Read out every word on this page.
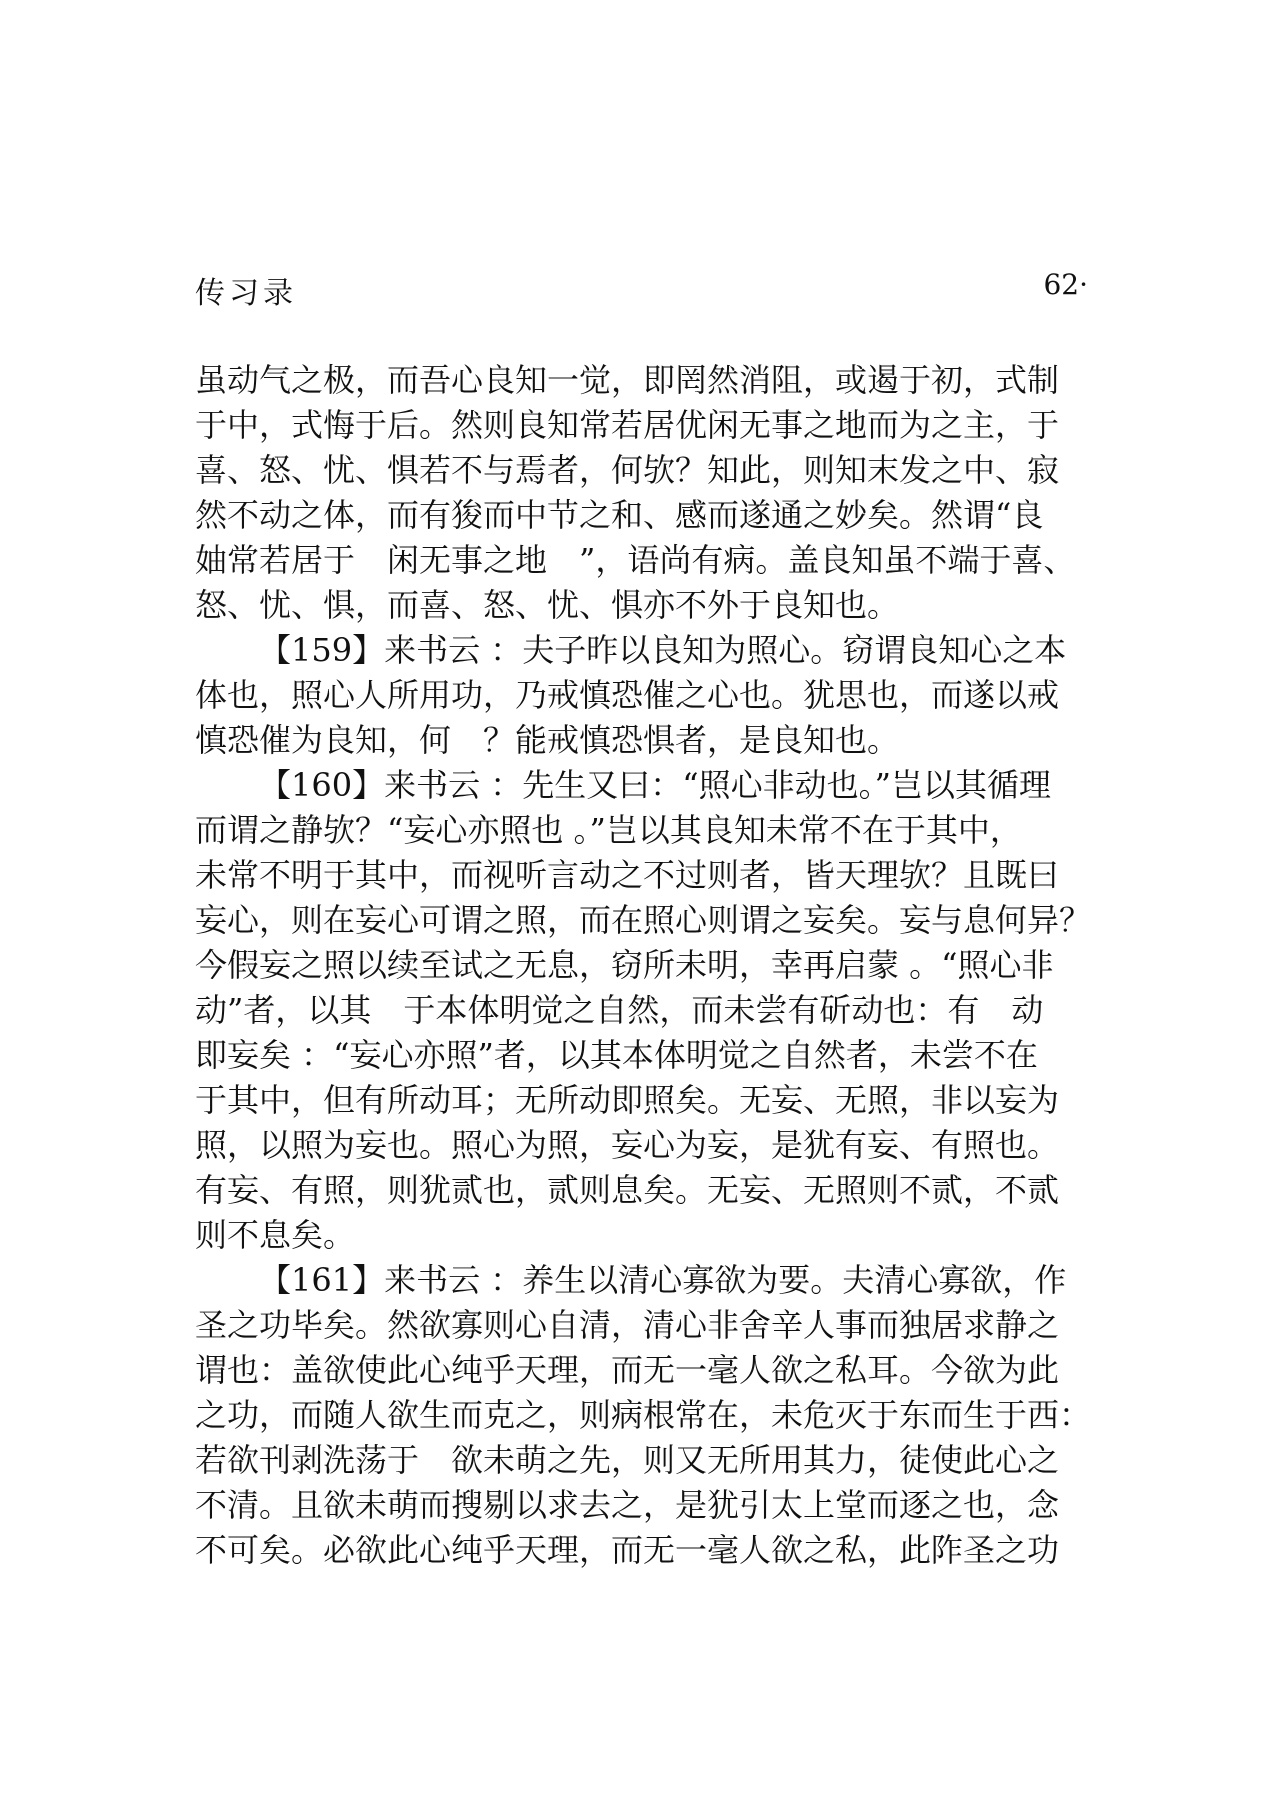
传习录	62·
虽动气之极，而吾心良知一觉，即罔然消阻，或遏于初，式制
于中，式悔于后。然则良知常若居优闲无事之地而为之主，于
喜、怒、忧、惧若不与焉者，何欤？知此，则知末发之中、寂
然不动之体，而有狻而中节之和、感而遂通之妙矣。然谓“良
妯常若居于　闲无事之地　”，语尚有病。盖良知虽不端于喜、
怒、忧、惧，而喜、怒、忧、惧亦不外于良知也。
【159】来书云 ：夫子昨以良知为照心。窃谓良知心之本
体也，照心人所用功，乃戒慎恐催之心也。犹思也，而遂以戒
慎恐催为良知，何　？能戒慎恐惧者，是良知也。
【160】来书云 ：先生又曰：“照心非动也。”岂以其循理
而谓之静欤？“妄心亦照也 。”岂以其良知未常不在于其中，
未常不明于其中，而视听言动之不过则者，皆天理欤？且既曰
妄心，则在妄心可谓之照，而在照心则谓之妄矣。妄与息何异？
今假妄之照以续至试之无息，窃所未明，幸再启蒙 。“照心非
动”者，以其　于本体明觉之自然，而未尝有斫动也：有　动
即妄矣 ：“妄心亦照”者，以其本体明觉之自然者，未尝不在
于其中，但有所动耳；无所动即照矣。无妄、无照，非以妄为
照，以照为妄也。照心为照，妄心为妄，是犹有妄、有照也。
有妄、有照，则犹贰也，贰则息矣。无妄、无照则不贰，不贰
则不息矣。
【161】来书云 ：养生以清心寡欲为要。夫清心寡欲，作
圣之功毕矣。然欲寡则心自清，清心非舍辛人事而独居求静之
谓也：盖欲使此心纯乎天理，而无一毫人欲之私耳。今欲为此
之功，而随人欲生而克之，则病根常在，未危灭于东而生于西：
若欲刊剥洗荡于　欲未萌之先，则又无所用其力，徒使此心之
不清。且欲未萌而搜剔以求去之，是犹引太上堂而逐之也，念
不可矣。必欲此心纯乎天理，而无一毫人欲之私，此阼圣之功
